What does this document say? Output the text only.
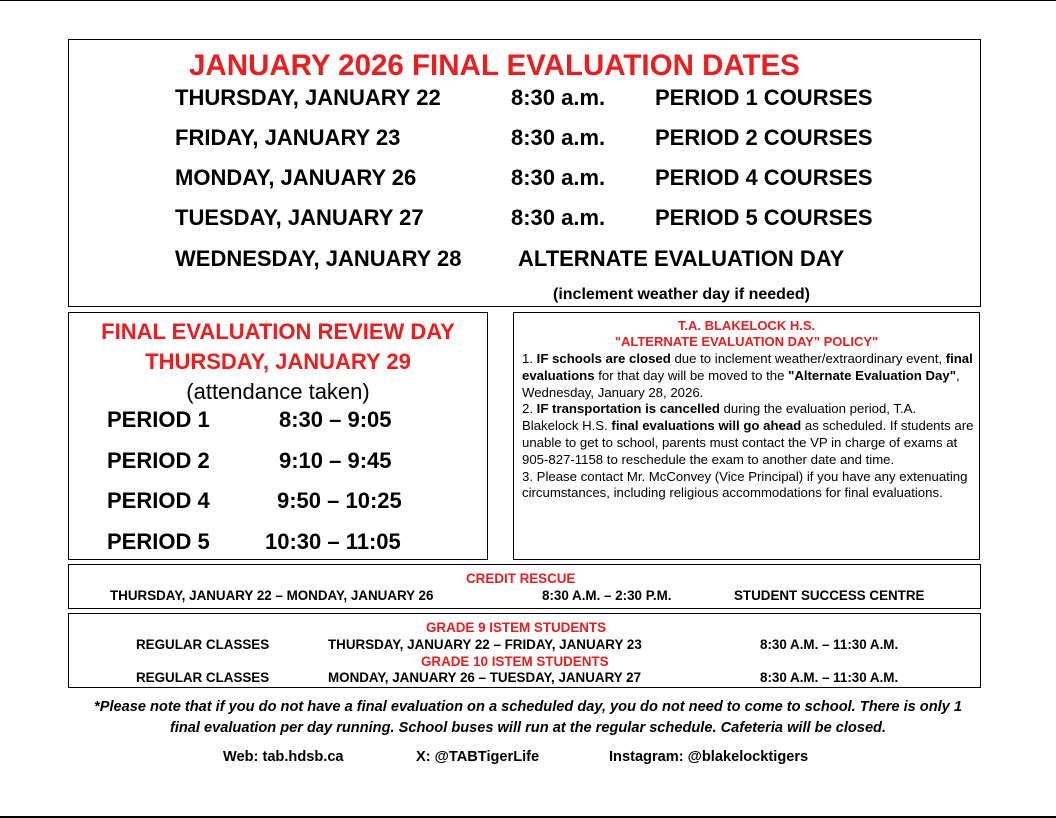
JANUARY 2026 FINAL EVALUATION DATES
THURSDAY, JANUARY 22	8:30 a.m. PERIOD 1 COURSES
FRIDAY, JANUARY 23	8:30 a.m. PERIOD 2 COURSES
MONDAY, JANUARY 26	8:30 a.m. PERIOD 4 COURSES
TUESDAY, JANUARY 27	8:30 a.m. PERIOD 5 COURSES
WEDNESDAY, JANUARY 28	ALTERNATE EVALUATION DAY
(inclement weather day if needed)
FINAL EVALUATION REVIEW DAY
THURSDAY, JANUARY 29
(attendance taken)
PERIOD 1	8:30 – 9:05
PERIOD 2	9:10 – 9:45
PERIOD 4	9:50 – 10:25
PERIOD 5	10:30 – 11:05
T.A. BLAKELOCK H.S.
"ALTERNATE EVALUATION DAY" POLICY"

1. IF schools are closed due to inclement weather/extraordinary event, final evaluations for that day will be moved to the "Alternate Evaluation Day", Wednesday, January 28, 2026.

2. IF transportation is cancelled during the evaluation period, T.A. Blakelock H.S. final evaluations will go ahead as scheduled. If students are unable to get to school, parents must contact the VP in charge of exams at 905-827-1158 to reschedule the exam to another date and time.

3. Please contact Mr. McConvey (Vice Principal) if you have any extenuating circumstances, including religious accommodations for final evaluations.

CREDIT RESCUE
THURSDAY, JANUARY 22 – MONDAY, JANUARY 26	8:30 A.M. – 2:30 P.M.	STUDENT SUCCESS CENTRE
GRADE 9 ISTEM STUDENTS
REGULAR CLASSES	THURSDAY, JANUARY 22 – FRIDAY, JANUARY 23	8:30 A.M. – 11:30 A.M.
GRADE 10 ISTEM STUDENTS
REGULAR CLASSES	MONDAY, JANUARY 26 – TUESDAY, JANUARY 27	8:30 A.M. – 11:30 A.M.
*Please note that if you do not have a final evaluation on a scheduled day, you do not need to come to school. There is only 1
final evaluation per day running. School buses will run at the regular schedule. Cafeteria will be closed.
Web: tab.hdsb.ca	X: @TABTigerLife	Instagram: @blakelocktigers
